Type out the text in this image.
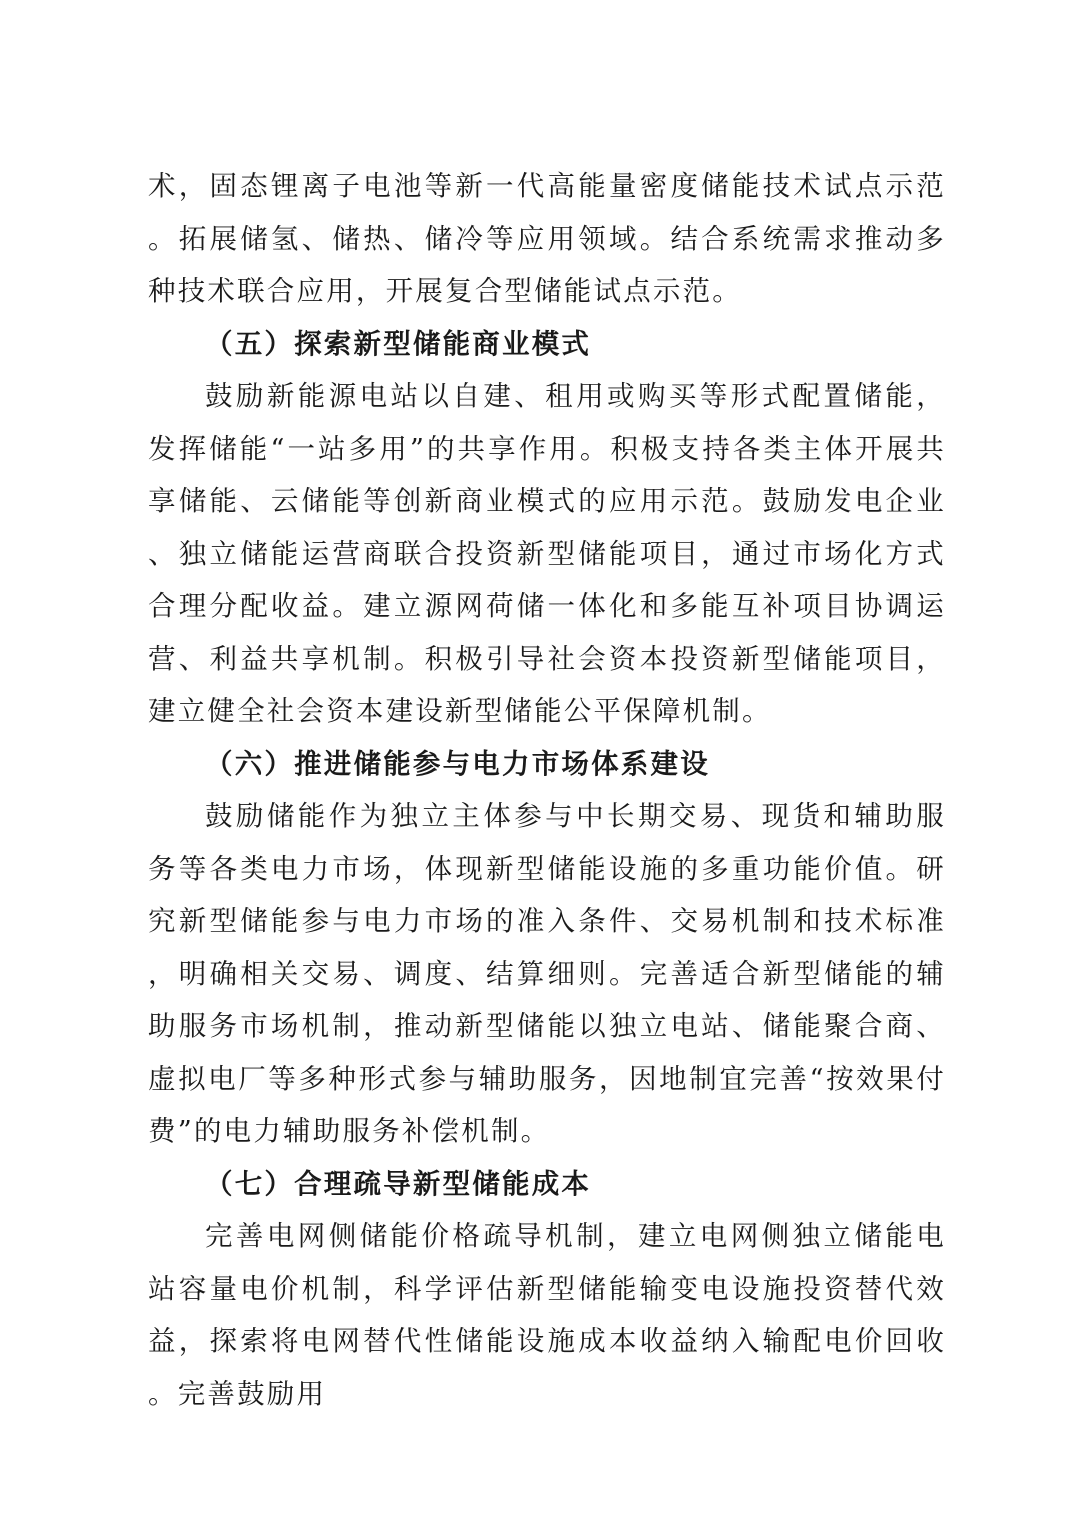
术，固态锂离子电池等新一代高能量密度储能技术试点示范。拓展储氢、储热、储冷等应用领域。结合系统需求推动多种技术联合应用，开展复合型储能试点示范。

（五）探索新型储能商业模式

鼓励新能源电站以自建、租用或购买等形式配置储能，发挥储能“一站多用”的共享作用。积极支持各类主体开展共享储能、云储能等创新商业模式的应用示范。鼓励发电企业、独立储能运营商联合投资新型储能项目，通过市场化方式合理分配收益。建立源网荷储一体化和多能互补项目协调运营、利益共享机制。积极引导社会资本投资新型储能项目，建立健全社会资本建设新型储能公平保障机制。

（六）推进储能参与电力市场体系建设

鼓励储能作为独立主体参与中长期交易、现货和辅助服务等各类电力市场，体现新型储能设施的多重功能价值。研究新型储能参与电力市场的准入条件、交易机制和技术标准，明确相关交易、调度、结算细则。完善适合新型储能的辅助服务市场机制，推动新型储能以独立电站、储能聚合商、虚拟电厂等多种形式参与辅助服务，因地制宜完善“按效果付费”的电力辅助服务补偿机制。

（七）合理疏导新型储能成本

完善电网侧储能价格疏导机制，建立电网侧独立储能电站容量电价机制，科学评估新型储能输变电设施投资替代效益，探索将电网替代性储能设施成本收益纳入输配电价回收。完善鼓励用
